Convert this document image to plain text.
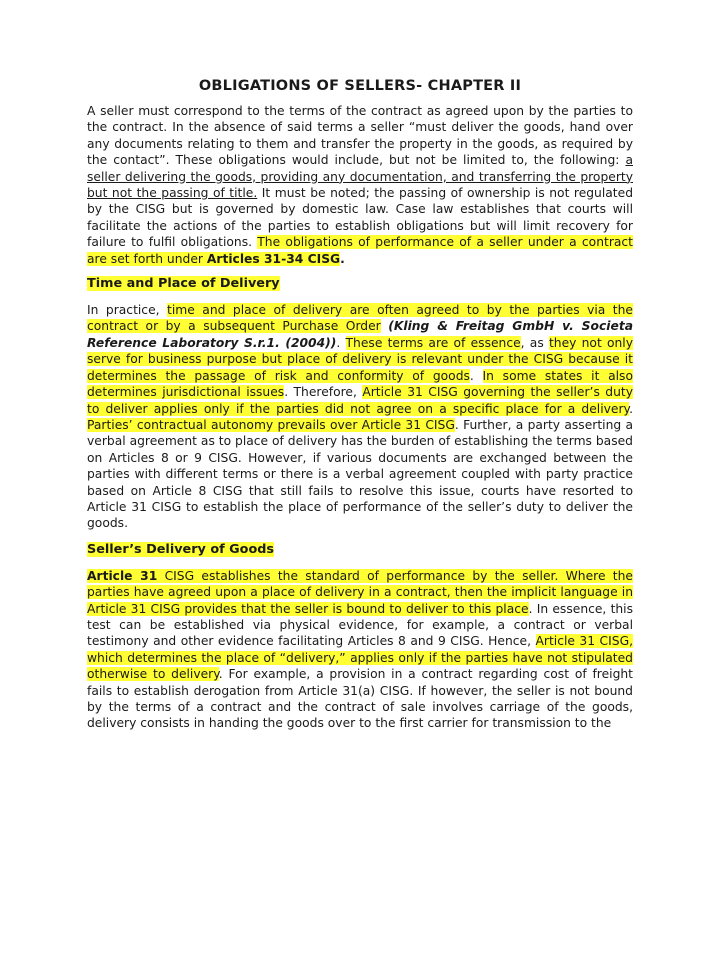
OBLIGATIONS OF SELLERS- CHAPTER II

A seller must correspond to the terms of the contract as agreed upon by the parties to the contract. In the absence of said terms a seller “must deliver the goods, hand over any documents relating to them and transfer the property in the goods, as required by the contact”. These obligations would include, but not be limited to, the following: a seller delivering the goods, providing any documentation, and transferring the property but not the passing of title. It must be noted; the passing of ownership is not regulated by the CISG but is governed by domestic law. Case law establishes that courts will facilitate the actions of the parties to establish obligations but will limit recovery for failure to fulfil obligations. The obligations of performance of a seller under a contract are set forth under Articles 31-34 CISG.

Time and Place of Delivery

In practice, time and place of delivery are often agreed to by the parties via the contract or by a subsequent Purchase Order (Kling & Freitag GmbH v. Societa Reference Laboratory S.r.1. (2004)). These terms are of essence, as they not only serve for business purpose but place of delivery is relevant under the CISG because it determines the passage of risk and conformity of goods. In some states it also determines jurisdictional issues. Therefore, Article 31 CISG governing the seller’s duty to deliver applies only if the parties did not agree on a specific place for a delivery. Parties’ contractual autonomy prevails over Article 31 CISG. Further, a party asserting a verbal agreement as to place of delivery has the burden of establishing the terms based on Articles 8 or 9 CISG. However, if various documents are exchanged between the parties with different terms or there is a verbal agreement coupled with party practice based on Article 8 CISG that still fails to resolve this issue, courts have resorted to Article 31 CISG to establish the place of performance of the seller’s duty to deliver the goods.

Seller’s Delivery of Goods

Article 31 CISG establishes the standard of performance by the seller. Where the parties have agreed upon a place of delivery in a contract, then the implicit language in Article 31 CISG provides that the seller is bound to deliver to this place. In essence, this test can be established via physical evidence, for example, a contract or verbal testimony and other evidence facilitating Articles 8 and 9 CISG. Hence, Article 31 CISG, which determines the place of “delivery,” applies only if the parties have not stipulated otherwise to delivery. For example, a provision in a contract regarding cost of freight fails to establish derogation from Article 31(a) CISG. If however, the seller is not bound by the terms of a contract and the contract of sale involves carriage of the goods, delivery consists in handing the goods over to the first carrier for transmission to the
